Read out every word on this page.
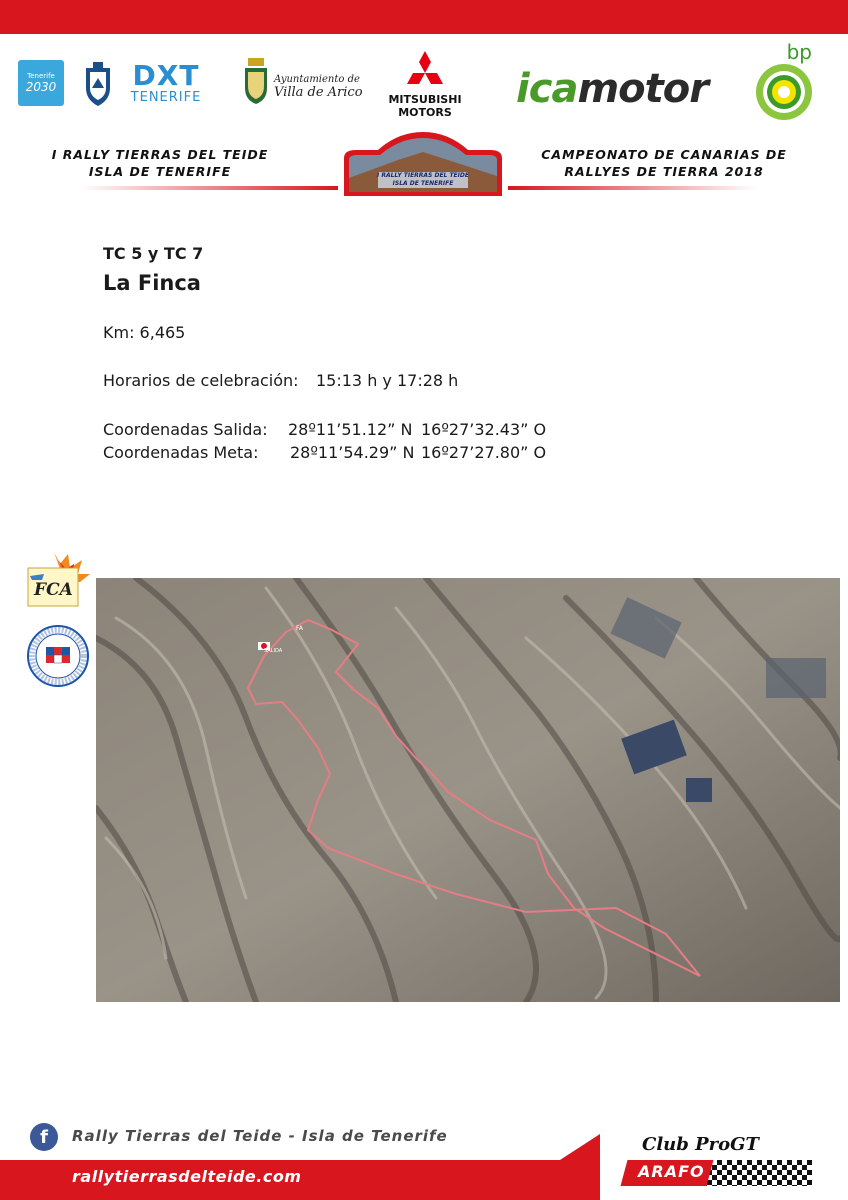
Tenerife
2030	DXT
TENERIFE
Ayuntamiento de
Villa de Arico MITSUBISHI
MOTORS
ica motor
bp
I RALLY TIERRAS DEL TEIDE
ISLA DE TENERIFE
CAMPEONATO DE CANARIAS DE
RALLYES DE TIERRA 2018
I RALLY TIERRAS DEL TEIDE
ISLA DE TENERIFE
TC 5 y TC 7
La Finca
Km: 6,465
Horarios de celebración: 15:13 h y 17:28 h
Coordenadas Salida: 28º11’51.12” N 16º27’32.43” O
Coordenadas Meta: 28º11’54.29” N 16º27’27.80” O
FCA
SALIDA
FA
f Rally Tierras del Teide - Isla de Tenerife
rallytierrasdelteide.com
Club ProGT
ARAFO
